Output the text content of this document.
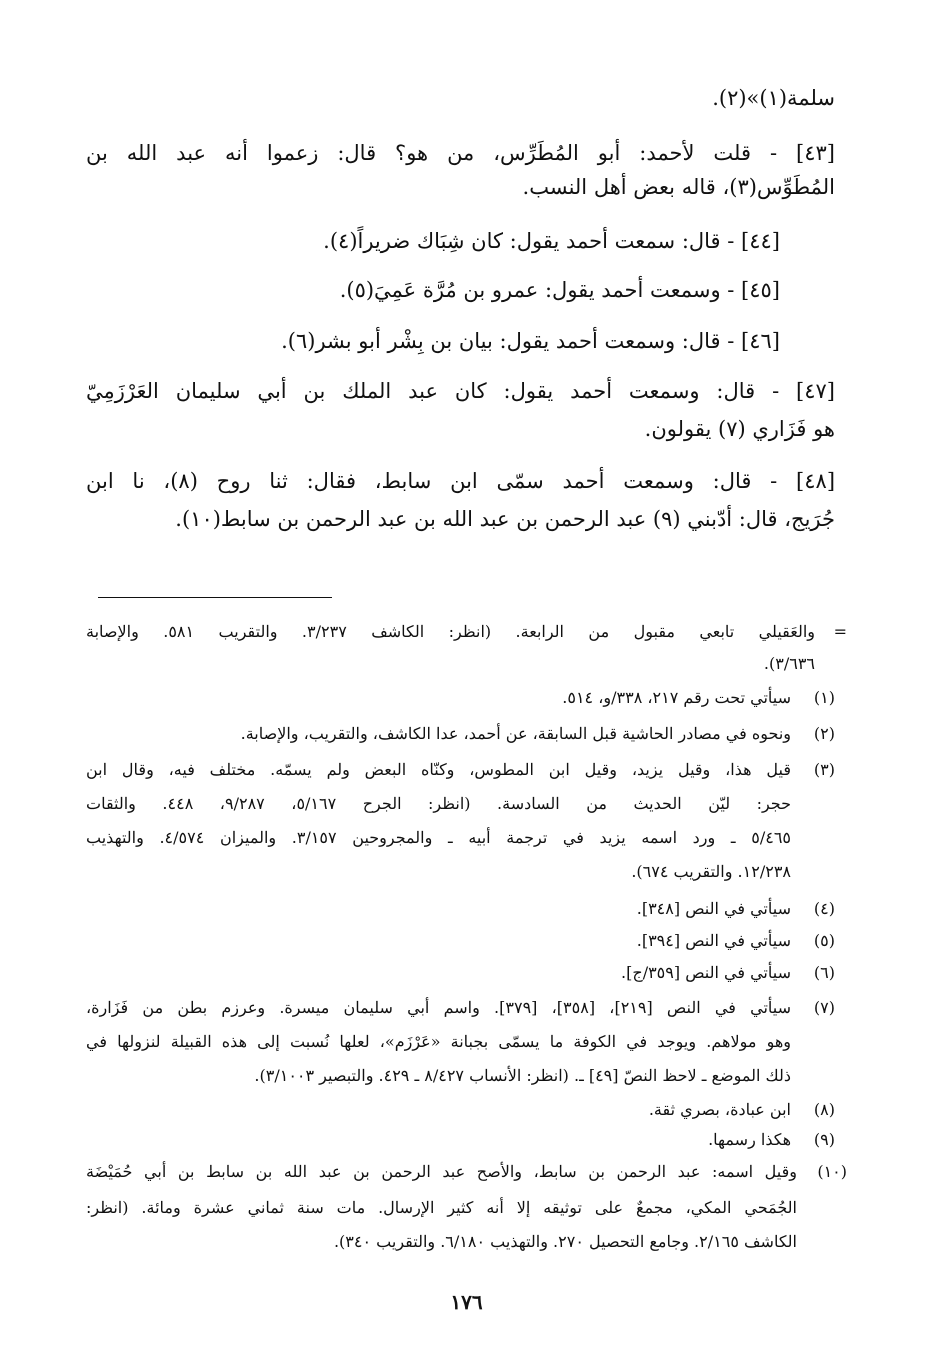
سلمة(١)»(٢).
[٤٣] - قلت لأحمد: أبو المُطَرِّس، من هو؟ قال: زعموا أنه عبد الله بن
المُطَوِّس(٣)، قاله بعض أهل النسب.
[٤٤] - قال: سمعت أحمد يقول: كان شِبَاك ضريراً(٤).
[٤٥] - وسمعت أحمد يقول: عمرو بن مُرَّة عَمِيَ(٥).
[٤٦] - قال: وسمعت أحمد يقول: بيان بن بِشْر أبو بشر(٦).
[٤٧] - قال: وسمعت أحمد يقول: كان عبد الملك بن أبي سليمان العَرْزَمِيّ
هو فَزَاري (٧) يقولون.
[٤٨] - قال: وسمعت أحمد سمّى ابن سابط، فقال: ثنا روح (٨)، نا ابن
جُرَيج، قال: أدّبني (٩) عبد الرحمن بن عبد الله بن عبد الرحمن بن سابط(١٠).
=
والعَقيلي تابعي مقبول من الرابعة. (انظر: الكاشف ٣/٢٣٧. والتقريب ٥٨١. والإصابة
٣/٦٣٦).
(١)
سيأتي تحت رقم ٢١٧، ٣٣٨/و، ٥١٤.
(٢)
ونحوه في مصادر الحاشية قبل السابقة، عن أحمد، عدا الكاشف، والتقريب، والإصابة.
(٣)
قيل هذا، وقيل يزيد، وقيل ابن المطوس، وكنّاه البعض ولم يسمّه. مختلف فيه، وقال ابن
حجر: ليّن الحديث من السادسة. (انظر: الجرح ٥/١٦٧، ٩/٢٨٧، ٤٤٨. والثقات
٥/٤٦٥ ـ ورد اسمه يزيد في ترجمة أبيه ـ والمجروحين ٣/١٥٧. والميزان ٤/٥٧٤. والتهذيب
١٢/٢٣٨. والتقريب ٦٧٤).
(٤)
سيأتي في النص [٣٤٨].
(٥)
سيأتي في النص [٣٩٤].
(٦)
سيأتي في النص [٣٥٩/ج].
(٧)
سيأتي في النص [٢١٩]، [٣٥٨]، [٣٧٩]. واسم أبي سليمان ميسرة. وعرزم بطن من فَزَارة،
وهو مولاهم. ويوجد في الكوفة ما يسمّى بجبانة «عَرْزَم»، لعلها نُسبت إلى هذه القبيلة لنزولها في
ذلك الموضع ـ لاحظ النصّ [٤٩] ـ. (انظر: الأنساب ٨/٤٢٧ ـ ٤٢٩. والتبصير ٣/١٠٠٣).
(٨)
ابن عبادة، بصري ثقة.
(٩)
هكذا رسمها.
(١٠)
وقيل اسمه: عبد الرحمن بن سابط، والأصح عبد الرحمن بن عبد الله بن سابط بن أبي حُمَيْضَة
الجُمَحي المكي، مجمعٌ على توثيقه إلا أنه كثير الإرسال. مات سنة ثماني عشرة ومائة. (انظر:
الكاشف ٢/١٦٥. وجامع التحصيل ٢٧٠. والتهذيب ٦/١٨٠. والتقريب ٣٤٠).
١٧٦
